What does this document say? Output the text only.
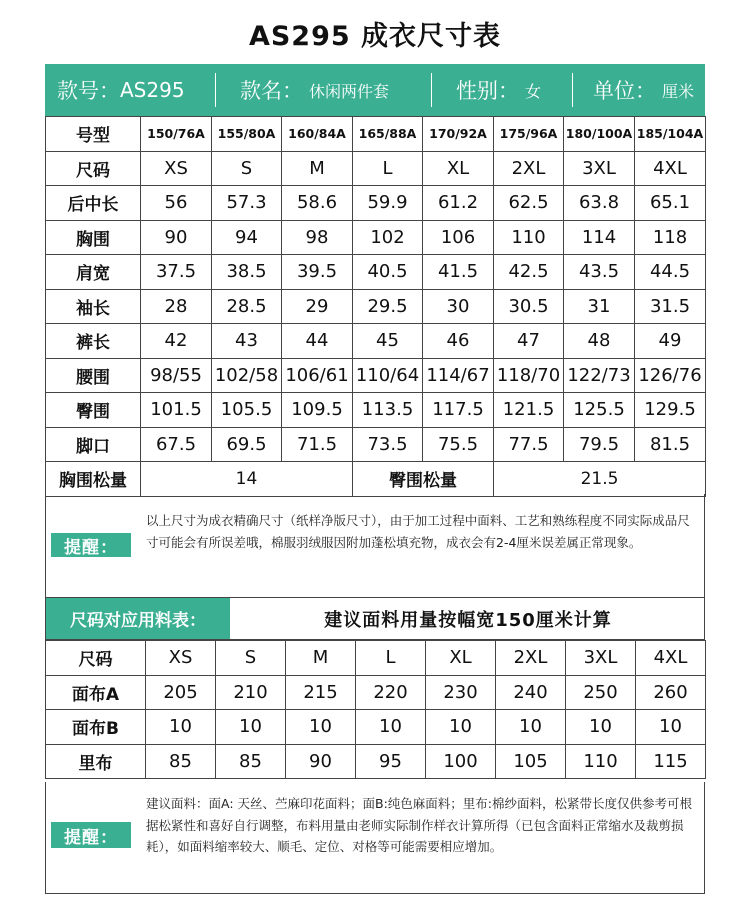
AS295 成衣尺寸表
款号： AS295	款名： 休闲两件套	性别： 女 单位： 厘米
号型	150/76A	155/80A	160/84A	165/88A	170/92A	175/96A	180/100A	185/104A
尺码	XS	S	M	L	XL	2XL	3XL	4XL
后中长	56	57.3	58.6	59.9	61.2	62.5	63.8	65.1
胸围	90	94	98	102	106	110	114	118
肩宽	37.5	38.5	39.5	40.5	41.5	42.5	43.5	44.5
袖长	28	28.5	29	29.5	30	30.5	31	31.5
裤长	42	43	44	45	46	47	48	49
腰围	98/55	102/58	106/61	110/64	114/67	118/70	122/73	126/76
臀围	101.5	105.5	109.5	113.5	117.5	121.5	125.5	129.5
脚口	67.5	69.5	71.5	73.5	75.5	77.5	79.5	81.5
胸围松量	14			臀围松量		21.5		
提醒：
以上尺寸为成衣精确尺寸（纸样净版尺寸），由于加工过程中面料、工艺和熟练程度不同实际成品尺寸可能会有所误差哦，棉服羽绒服因附加蓬松填充物，成衣会有2-4厘米误差属正常现象。
尺码对应用料表：	建议面料用量按幅宽150厘米计算
尺码	XS	S	M	L	XL	2XL	3XL	4XL
面布A	205	210	215	220	230	240	250	260
面布B	10	10	10	10	10	10	10	10
里布	85	85	90	95	100	105	110	115
提醒：
建议面料：面A: 天丝、苎麻印花面料；面B:纯色麻面料；里布:棉纱面料，松紧带长度仅供参考可根据松紧性和喜好自行调整，布料用量由老师实际制作样衣计算所得（已包含面料正常缩水及裁剪损耗），如面料缩率较大、顺毛、定位、对格等可能需要相应增加。
